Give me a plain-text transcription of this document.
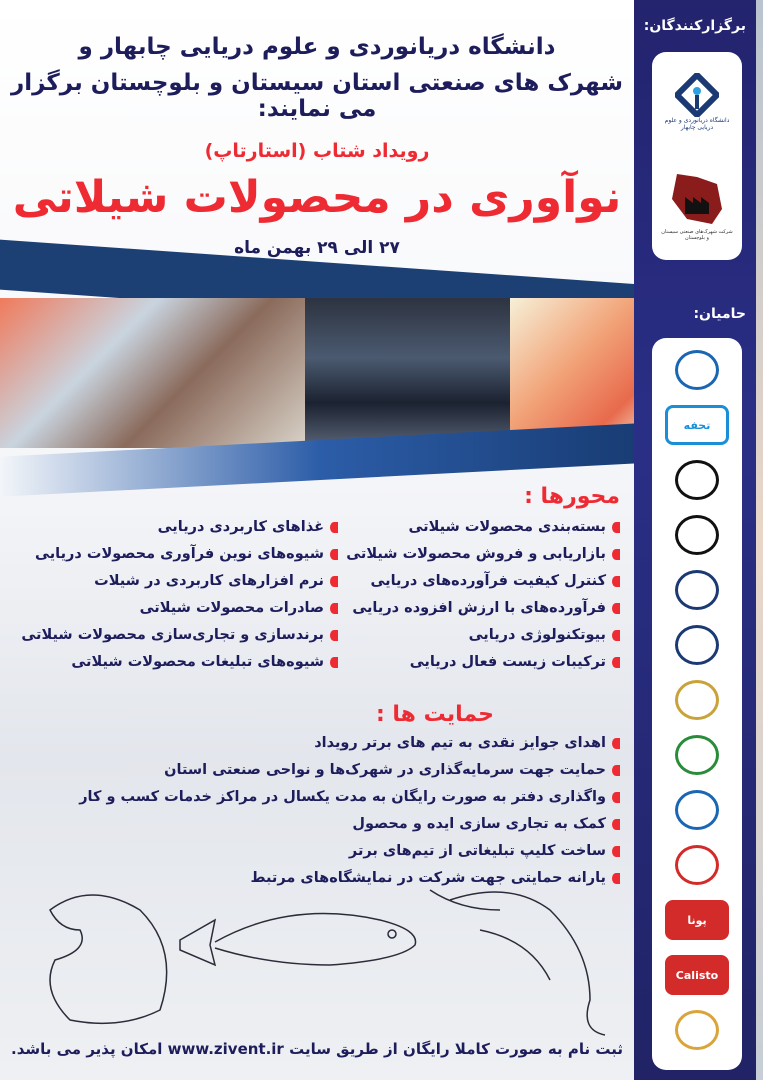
دانشگاه دریانوردی و علوم دریایی چابهار و
شهرک های صنعتی استان سیستان و بلوچستان برگزار می نمایند:
رویداد شتاب (استارتاپ)
نوآوری در محصولات شیلاتی
۲۷ الی ۲۹ بهمن ماه
محورها :
بسته‌بندی محصولات شیلاتی
بازاریابی و فروش محصولات شیلاتی
کنترل کیفیت فرآورده‌های دریایی
فرآورده‌های با ارزش افزوده دریایی
بیوتکنولوژی دریایی
ترکیبات زیست فعال دریایی
غذاهای کاربردی دریایی
شیوه‌های نوین فرآوری محصولات دریایی
نرم افزارهای کاربردی در شیلات
صادرات محصولات شیلاتی
برندسازی و تجاری‌سازی محصولات شیلاتی
شیوه‌های تبلیغات محصولات شیلاتی
حمایت ها :
اهدای جوایز نقدی به تیم های برتر رویداد
حمایت جهت سرمایه‌گذاری در شهرک‌ها و نواحی صنعتی استان
واگذاری دفتر به صورت رایگان به مدت یکسال در مراکز خدمات کسب و کار
کمک به تجاری سازی ایده و محصول
ساخت کلیپ تبلیغاتی از تیم‌های برتر
یارانه حمایتی جهت شرکت در نمایشگاه‌های مرتبط
ثبت نام به صورت کاملا رایگان از طریق سایت www.zivent.ir امکان پذیر می باشد.
برگزارکنندگان:
دانشگاه دریانوردی و علوم دریایی چابهار
شرکت شهرک‌های صنعتی سیستان و بلوچستان
حامیان:
تحفه
پونا
Calisto
